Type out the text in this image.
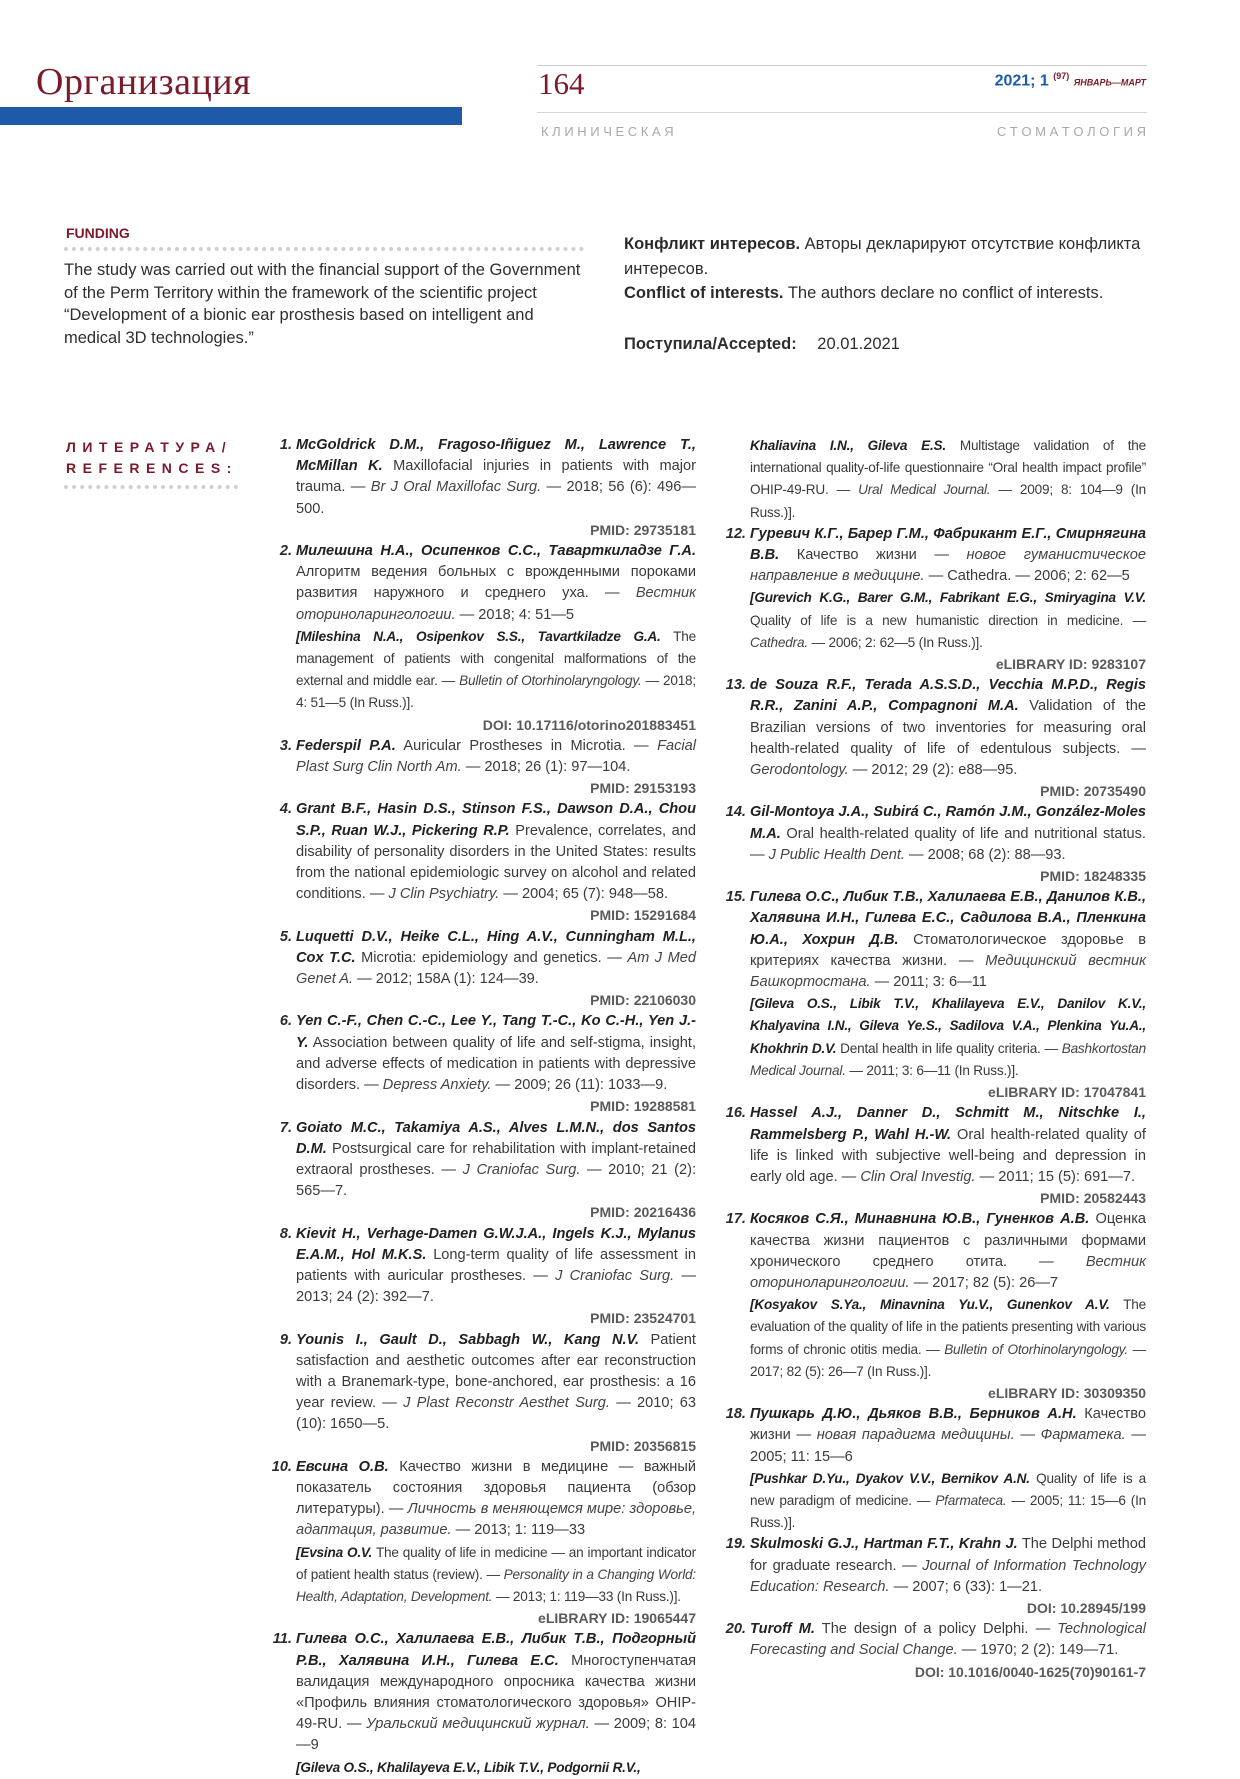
Организация	164	2021; 1 $^{(97)}$ ЯНВАРЬ—МАРТ
К Л И Н И Ч Е С К А Я	С Т О М А Т О Л О Г И Я
FUNDING
The study was carried out with the financial support of the Government of the Perm Territory within the framework of the scientific project “Development of a bionic ear prosthesis based on intelligent and medical 3D technologies.”
Конфликт интересов. Авторы декларируют отсутствие конфликта интересов.
Conflict of interests. The authors declare no conflict of interests.
Поступила/Accepted: 20.01.2021
ЛИТЕРАТУРА/
REFERENCES:
1. McGoldrick D.M., Fragoso-Iñiguez M., Lawrence T., McMillan K. Maxillofacial injuries in patients with major trauma. — Br J Oral Maxillofac Surg. — 2018; 56 (6): 496—500.
PMID: 29735181
2. Милешина Н.А., Осипенков С.С., Таварткиладзе Г.А. Алгоритм ведения больных с врожденными пороками развития наружного и среднего уха. — Вестник оториноларингологии. — 2018; 4: 51—5
[Mileshina N.A., Osipenkov S.S., Tavartkiladze G.A. The management of patients with congenital malformations of the external and middle ear. — Bulletin of Otorhinolaryngology. — 2018; 4: 51—5 (In Russ.)].
DOI: 10.17116/otorino201883451
3. Federspil P.A. Auricular Prostheses in Microtia. — Facial Plast Surg Clin North Am. — 2018; 26 (1): 97—104.
PMID: 29153193
4. Grant B.F., Hasin D.S., Stinson F.S., Dawson D.A., Chou S.P., Ruan W.J., Pickering R.P. Prevalence, correlates, and disability of personality disorders in the United States: results from the national epidemiologic survey on alcohol and related conditions. — J Clin Psychiatry. — 2004; 65 (7): 948—58.
PMID: 15291684
5. Luquetti D.V., Heike C.L., Hing A.V., Cunningham M.L., Cox T.C. Microtia: epidemiology and genetics. — Am J Med Genet A. — 2012; 158A (1): 124—39.
PMID: 22106030
6. Yen C.-F., Chen C.-C., Lee Y., Tang T.-C., Ko C.-H., Yen J.-Y. Association between quality of life and self-stigma, insight, and adverse effects of medication in patients with depressive disorders. — Depress Anxiety. — 2009; 26 (11): 1033—9.
PMID: 19288581
7. Goiato M.C., Takamiya A.S., Alves L.M.N., dos Santos D.M. Postsurgical care for rehabilitation with implant-retained extraoral prostheses. — J Craniofac Surg. — 2010; 21 (2): 565—7.
PMID: 20216436
8. Kievit H., Verhage-Damen G.W.J.A., Ingels K.J., Mylanus E.A.M., Hol M.K.S. Long-term quality of life assessment in patients with auricular prostheses. — J Craniofac Surg. — 2013; 24 (2): 392—7.
PMID: 23524701
9. Younis I., Gault D., Sabbagh W., Kang N.V. Patient satisfaction and aesthetic outcomes after ear reconstruction with a Branemark-type, bone-anchored, ear prosthesis: a 16 year review. — J Plast Reconstr Aesthet Surg. — 2010; 63 (10): 1650—5.
PMID: 20356815
10. Евсина О.В. Качество жизни в медицине — важный показатель состояния здоровья пациента (обзор литературы). — Личность в меняющемся мире: здоровье, адаптация, развитие. — 2013; 1: 119—33
[Evsina O.V. The quality of life in medicine — an important indicator of patient health status (review). — Personality in a Changing World: Health, Adaptation, Development. — 2013; 1: 119—33 (In Russ.)].
eLIBRARY ID: 19065447
11. Гилева О.С., Халилаева Е.В., Либик Т.В., Подгорный Р.В., Халявина И.Н., Гилева Е.С. Многоступенчатая валидация международного опросника качества жизни «Профиль влияния стоматологического здоровья» OHIP-49-RU. — Уральский медицинский журнал. — 2009; 8: 104—9
[Gileva O.S., Khalilayeva E.V., Libik T.V., Podgornii R.V.,
Khaliavina I.N., Gileva E.S. Multistage validation of the international quality-of-life questionnaire “Oral health impact profile” OHIP-49-RU. — Ural Medical Journal. — 2009; 8: 104—9 (In Russ.)].
12. Гуревич К.Г., Барер Г.М., Фабрикант Е.Г., Смирнягина В.В. Качество жизни — новое гуманистическое направление в медицине. — Cathedra. — 2006; 2: 62—5
[Gurevich K.G., Barer G.M., Fabrikant E.G., Smiryagina V.V. Quality of life is a new humanistic direction in medicine. — Cathedra. — 2006; 2: 62—5 (In Russ.)].
eLIBRARY ID: 9283107
13. de Souza R.F., Terada A.S.S.D., Vecchia M.P.D., Regis R.R., Zanini A.P., Compagnoni M.A. Validation of the Brazilian versions of two inventories for measuring oral health-related quality of life of edentulous subjects. — Gerodontology. — 2012; 29 (2): e88—95.
PMID: 20735490
14. Gil-Montoya J.A., Subirá C., Ramón J.M., González-Moles M.A. Oral health-related quality of life and nutritional status. — J Public Health Dent. — 2008; 68 (2): 88—93.
PMID: 18248335
15. Гилева О.С., Либик Т.В., Халилаева Е.В., Данилов К.В., Халявина И.Н., Гилева Е.С., Садилова В.А., Пленкина Ю.А., Хохрин Д.В. Стоматологическое здоровье в критериях качества жизни. — Медицинский вестник Башкортостана. — 2011; 3: 6—11
[Gileva O.S., Libik T.V., Khalilayeva E.V., Danilov K.V., Khalyavina I.N., Gileva Ye.S., Sadilova V.A., Plenkina Yu.A., Khokhrin D.V. Dental health in life quality criteria. — Bashkortostan Medical Journal. — 2011; 3: 6—11 (In Russ.)].
eLIBRARY ID: 17047841
16. Hassel A.J., Danner D., Schmitt M., Nitschke I., Rammelsberg P., Wahl H.-W. Oral health-related quality of life is linked with subjective well-being and depression in early old age. — Clin Oral Investig. — 2011; 15 (5): 691—7.
PMID: 20582443
17. Косяков С.Я., Минавнина Ю.В., Гуненков А.В. Оценка качества жизни пациентов с различными формами хронического среднего отита. — Вестник оториноларингологии. — 2017; 82 (5): 26—7
[Kosyakov S.Ya., Minavnina Yu.V., Gunenkov A.V. The evaluation of the quality of life in the patients presenting with various forms of chronic otitis media. — Bulletin of Otorhinolaryngology. — 2017; 82 (5): 26—7 (In Russ.)].
eLIBRARY ID: 30309350
18. Пушкарь Д.Ю., Дьяков В.В., Берников А.Н. Качество жизни — новая парадигма медицины. — Фарматека. — 2005; 11: 15—6
[Pushkar D.Yu., Dyakov V.V., Bernikov A.N. Quality of life is a new paradigm of medicine. — Pfarmateca. — 2005; 11: 15—6 (In Russ.)].
19. Skulmoski G.J., Hartman F.T., Krahn J. The Delphi method for graduate research. — Journal of Information Technology Education: Research. — 2007; 6 (33): 1—21.
DOI: 10.28945/199
20. Turoff M. The design of a policy Delphi. — Technological Forecasting and Social Change. — 1970; 2 (2): 149—71.
DOI: 10.1016/0040-1625(70)90161-7
